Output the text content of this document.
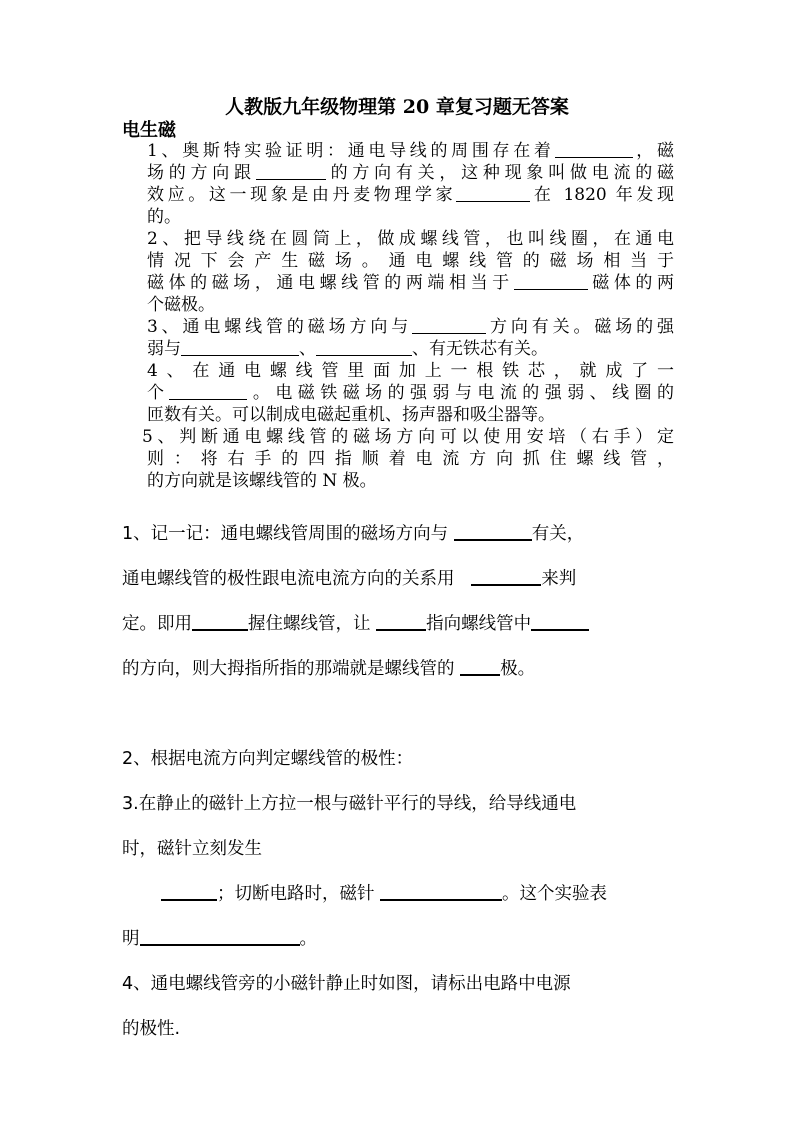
人教版九年级物理第 20 章复习题无答案
电生磁

1、奥斯特实验证明：通电导线的周围存在着	，磁

场的方向跟	的方向有关，这种现象叫做电流的磁

效应。这一现象是由丹麦物理学家	在 1820 年发现

的。

2、把导线绕在圆筒上，做成螺线管，也叫线圈，在通电

情况下会产生磁场。通电螺线管的磁场相当于

磁体的磁场，通电螺线管的两端相当于	磁体的两

个磁极。

3、通电螺线管的磁场方向与	方向有关。磁场的强

弱与	、	、有无铁芯有关。

4、在通电螺线管里面加上一根铁芯，就成了一

个	。电磁铁磁场的强弱与电流的强弱、线圈的

匝数有关。可以制成电磁起重机、扬声器和吸尘器等。

5、判断通电螺线管的磁场方向可以使用安培（右手）定

则：将右手的四指顺着电流方向抓住螺线管，

的方向就是该螺线管的 N 极。

1、记一记：通电螺线管周围的磁场方向与	有关，

通电螺线管的极性跟电流电流方向的关系用	来判

定。即用	握住螺线管，让	指向螺线管中

的方向，则大拇指所指的那端就是螺线管的	极。

2、根据电流方向判定螺线管的极性：

3.在静止的磁针上方拉一根与磁针平行的导线，给导线通电

时，磁针立刻发生

；切断电路时，磁针	。这个实验表

明	。

4、通电螺线管旁的小磁针静止时如图，请标出电路中电源

的极性.
